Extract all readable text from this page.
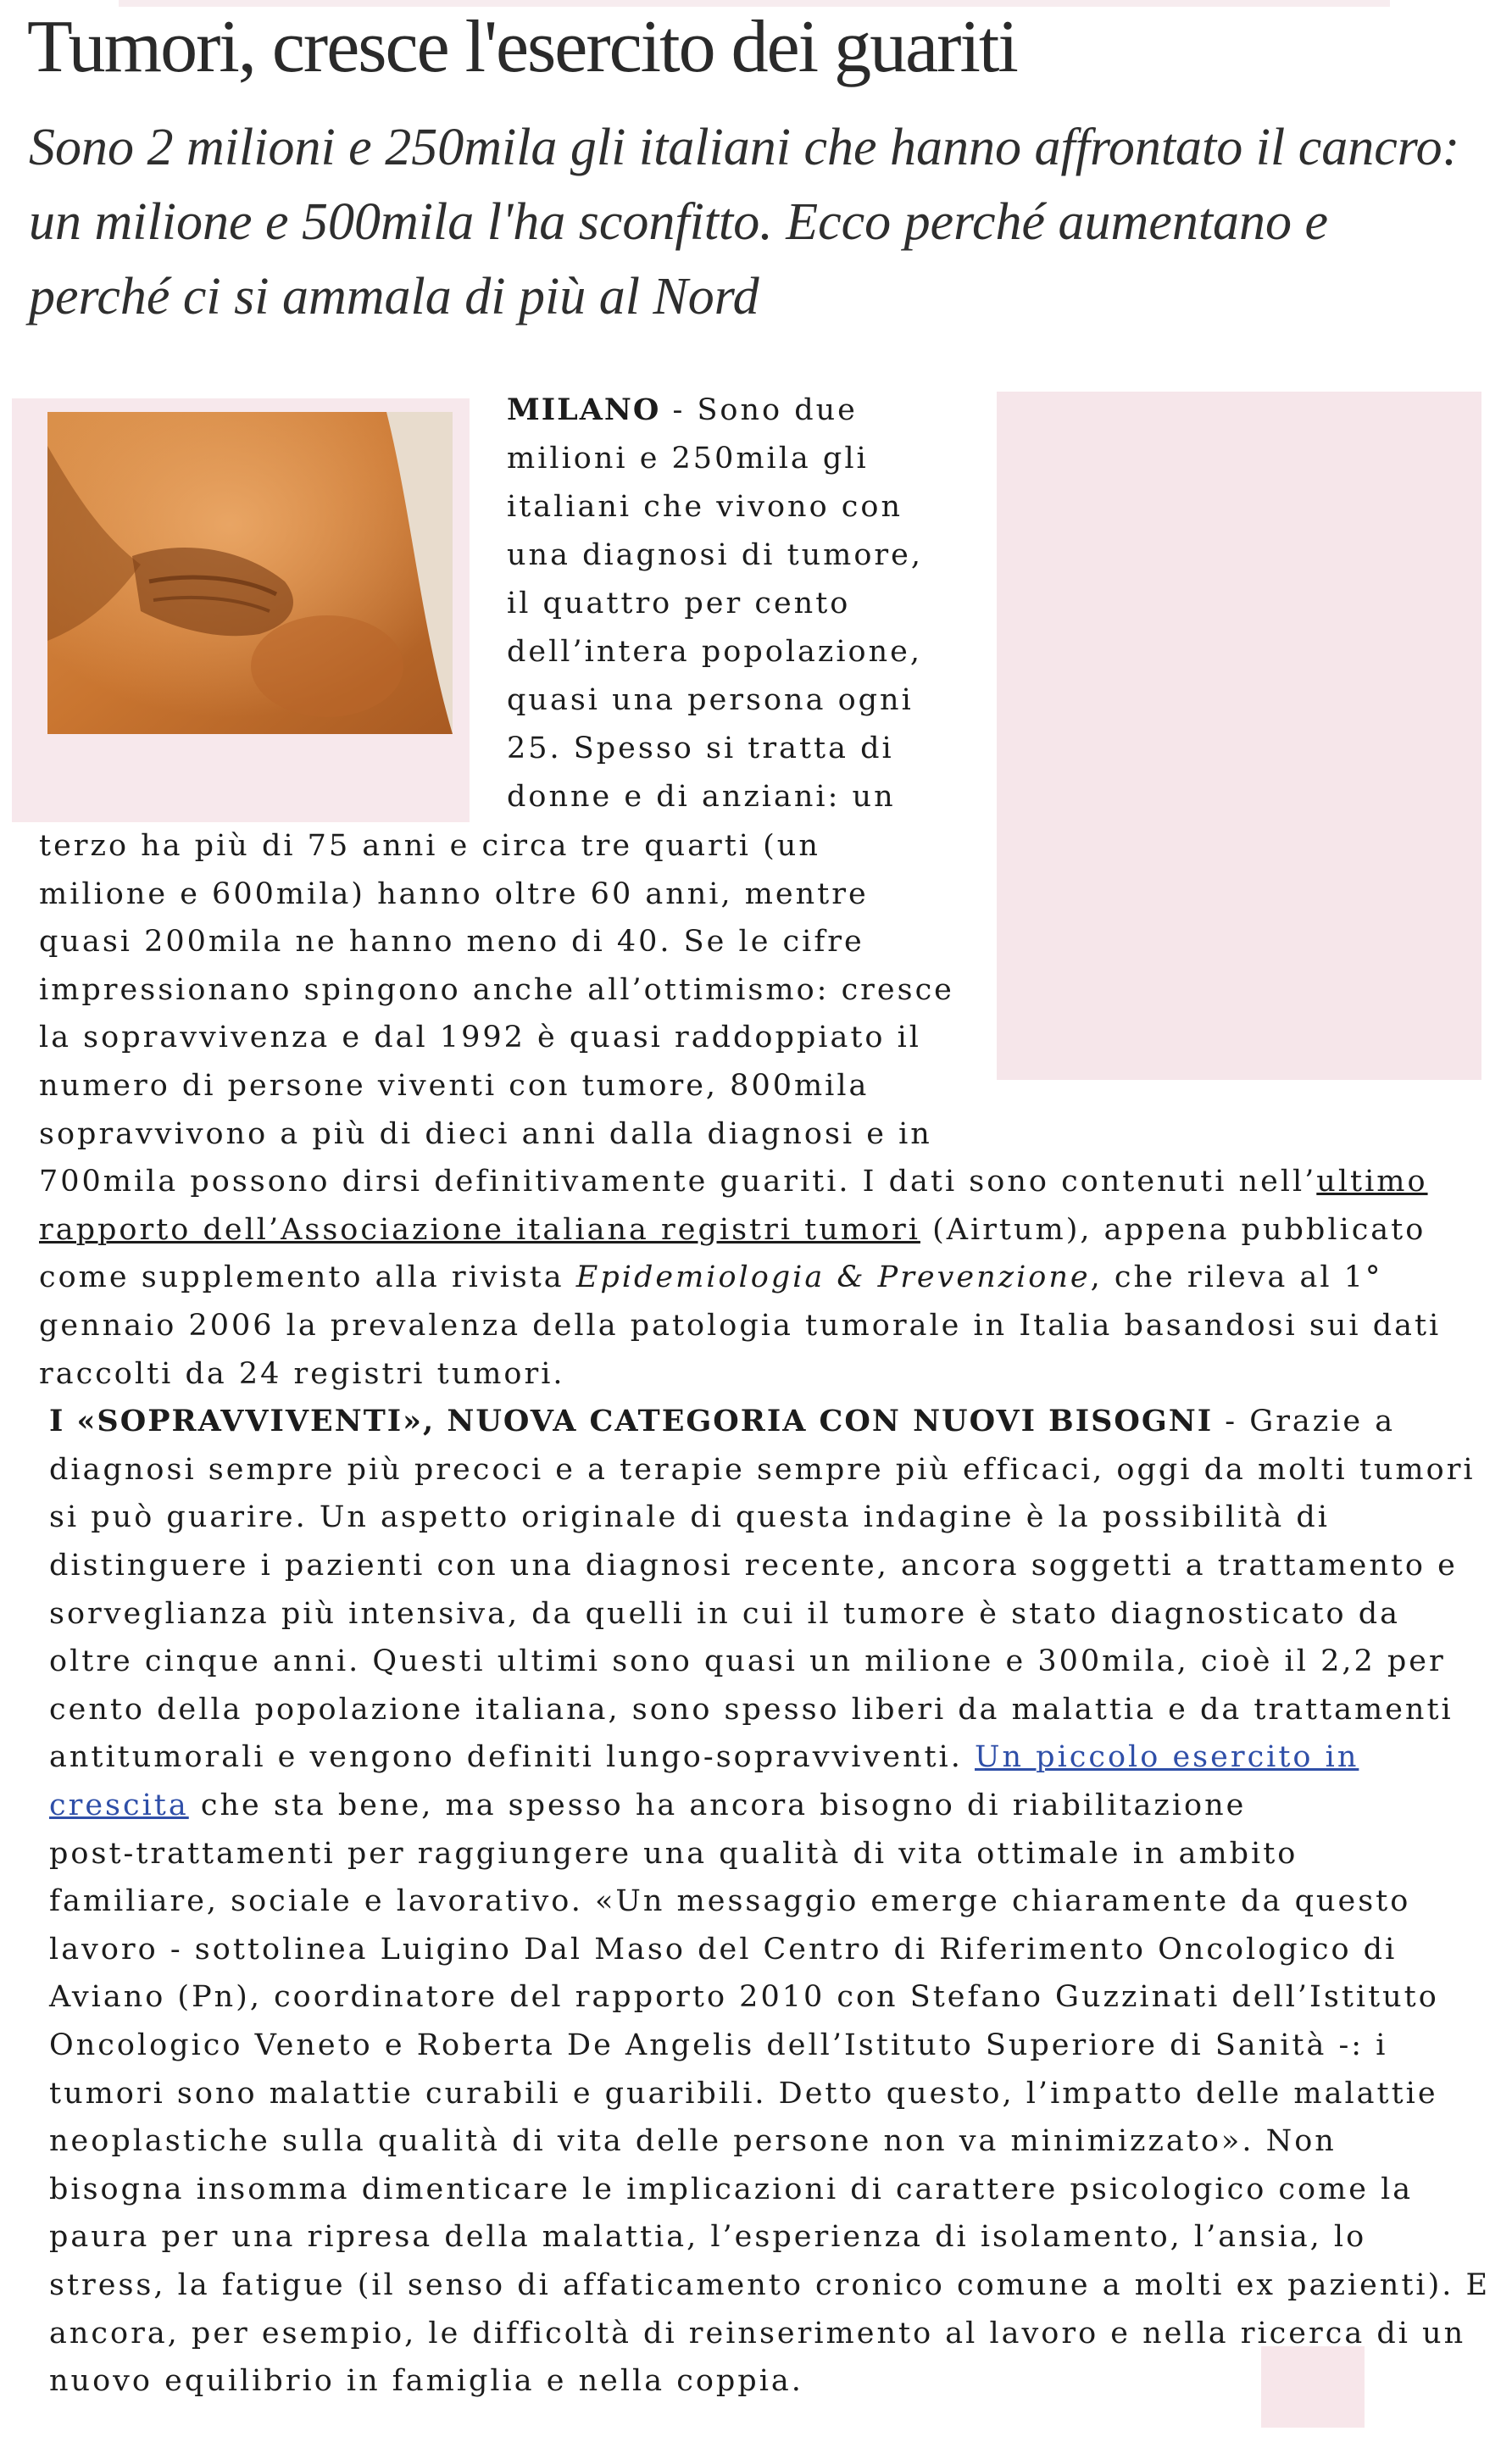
Tumori, cresce l'esercito dei guariti

Sono 2 milioni e 250mila gli italiani che hanno affrontato il cancro: un milione e 500mila l'ha sconfitto. Ecco perché aumentano e perché ci si ammala di più al Nord

MILANO - Sono due

milioni e 250mila gli

italiani che vivono con

una diagnosi di tumore,

il quattro per cento

dell’intera popolazione,

quasi una persona ogni

25. Spesso si tratta di

donne e di anziani: un

terzo ha più di 75 anni e circa tre quarti (un

milione e 600mila) hanno oltre 60 anni, mentre

quasi 200mila ne hanno meno di 40. Se le cifre

impressionano spingono anche all’ottimismo: cresce

la sopravvivenza e dal 1992 è quasi raddoppiato il

numero di persone viventi con tumore, 800mila

sopravvivono a più di dieci anni dalla diagnosi e in

700mila possono dirsi definitivamente guariti. I dati sono contenuti nell’ultimo

rapporto dell’Associazione italiana registri tumori (Airtum), appena pubblicato

come supplemento alla rivista Epidemiologia & Prevenzione, che rileva al 1°

gennaio 2006 la prevalenza della patologia tumorale in Italia basandosi sui dati

raccolti da 24 registri tumori.

I «SOPRAVVIVENTI», NUOVA CATEGORIA CON NUOVI BISOGNI - Grazie a

diagnosi sempre più precoci e a terapie sempre più efficaci, oggi da molti tumori

si può guarire. Un aspetto originale di questa indagine è la possibilità di

distinguere i pazienti con una diagnosi recente, ancora soggetti a trattamento e

sorveglianza più intensiva, da quelli in cui il tumore è stato diagnosticato da

oltre cinque anni. Questi ultimi sono quasi un milione e 300mila, cioè il 2,2 per

cento della popolazione italiana, sono spesso liberi da malattia e da trattamenti

antitumorali e vengono definiti lungo-sopravviventi. Un piccolo esercito in

crescita che sta bene, ma spesso ha ancora bisogno di riabilitazione

post-trattamenti per raggiungere una qualità di vita ottimale in ambito

familiare, sociale e lavorativo. «Un messaggio emerge chiaramente da questo

lavoro - sottolinea Luigino Dal Maso del Centro di Riferimento Oncologico di

Aviano (Pn), coordinatore del rapporto 2010 con Stefano Guzzinati dell’Istituto

Oncologico Veneto e Roberta De Angelis dell’Istituto Superiore di Sanità -: i

tumori sono malattie curabili e guaribili. Detto questo, l’impatto delle malattie

neoplastiche sulla qualità di vita delle persone non va minimizzato». Non

bisogna insomma dimenticare le implicazioni di carattere psicologico come la

paura per una ripresa della malattia, l’esperienza di isolamento, l’ansia, lo

stress, la fatigue (il senso di affaticamento cronico comune a molti ex pazienti). E

ancora, per esempio, le difficoltà di reinserimento al lavoro e nella ricerca di un

nuovo equilibrio in famiglia e nella coppia.
